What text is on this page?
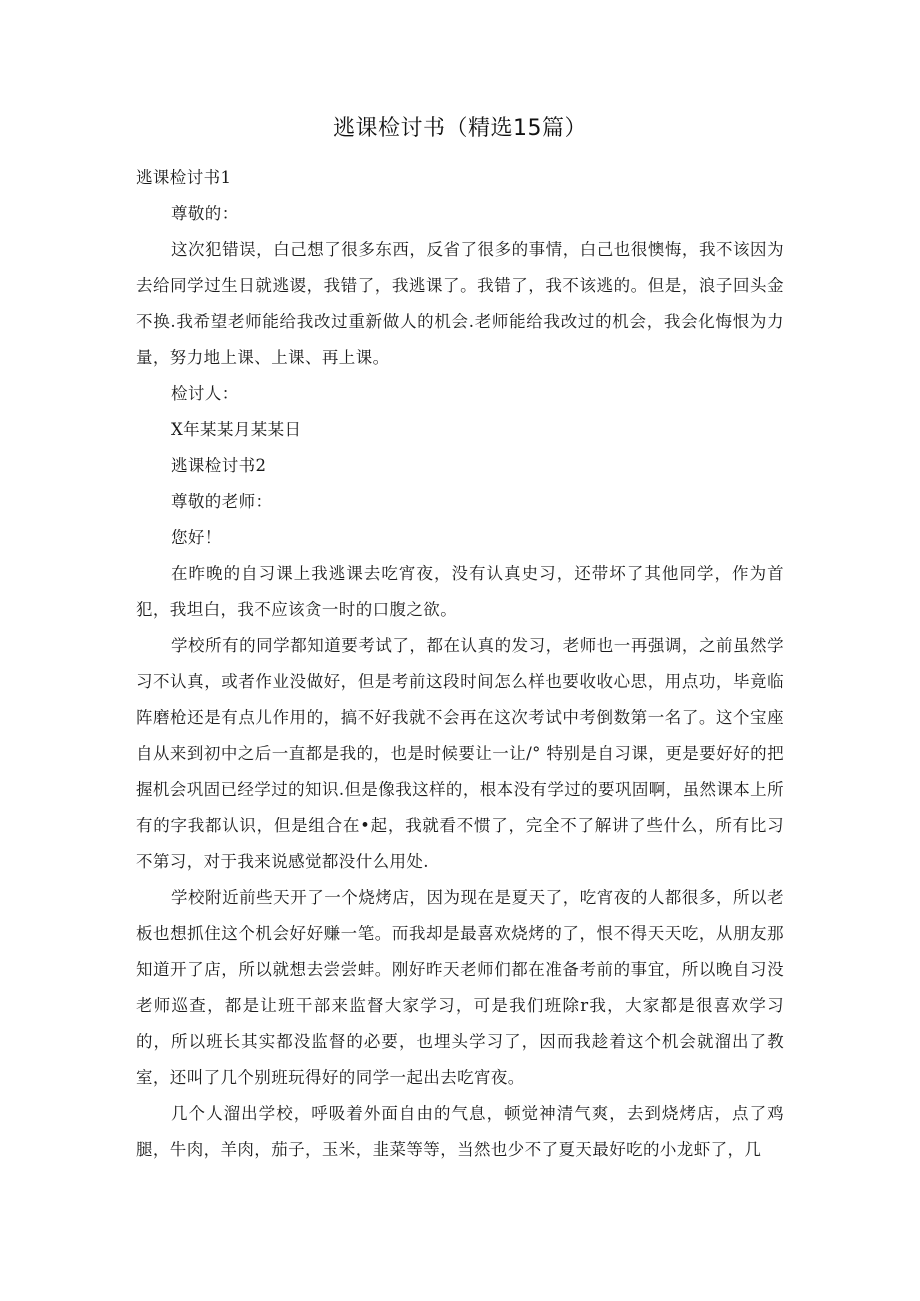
逃课检讨书（精选15篇）

逃课检讨书1

尊敬的：

这次犯错误，白己想了很多东西，反省了很多的事情，白己也很懊悔，我不该因为去给同学过生日就逃谡，我错了，我逃课了。我错了，我不该逃的。但是，浪子回头金不换.我希望老师能给我改过重新做人的机会.老师能给我改过的机会，我会化悔恨为力量，努力地上课、上课、再上课。

检讨人：

X年某某月某某日

逃课检讨书2

尊敬的老师：

您好！

在昨晚的自习课上我逃课去吃宵夜，没有认真史习，还带坏了其他同学，作为首犯，我坦白，我不应该贪一时的口腹之欲。

学校所有的同学都知道要考试了，都在认真的发习，老师也一再强调，之前虽然学习不认真，或者作业没做好，但是考前这段时间怎么样也要收收心思，用点功，毕竟临阵磨枪还是有点儿作用的，搞不好我就不会再在这次考试中考倒数第一名了。这个宝座自从来到初中之后一直都是我的，也是时候要让一让/° 特别是自习课，更是要好好的把握机会巩固已经学过的知识.但是像我这样的，根本没有学过的要巩固啊，虽然课本上所有的字我都认识，但是组合在•起，我就看不惯了，完全不了解讲了些什么，所有比习不第习，对于我来说感觉都没什么用处.

学校附近前些天开了一个烧烤店，因为现在是夏天了，吃宵夜的人都很多，所以老板也想抓住这个机会好好赚一笔。而我却是最喜欢烧烤的了，恨不得天天吃，从朋友那知道开了店，所以就想去尝尝蚌。刚好昨天老师们都在准备考前的事宜，所以晚自习没老师巡查，都是让班干部来监督大家学习，可是我们班除r我，大家都是很喜欢学习的，所以班长其实都没监督的必要，也埋头学习了，因而我趁着这个机会就溜出了教室，还叫了几个别班玩得好的同学一起出去吃宵夜。

几个人溜出学校，呼吸着外面自由的气息，顿觉神清气爽，去到烧烤店，点了鸡腿，牛肉，羊肉，茄子，玉米，韭菜等等，当然也少不了夏天最好吃的小龙虾了，几
